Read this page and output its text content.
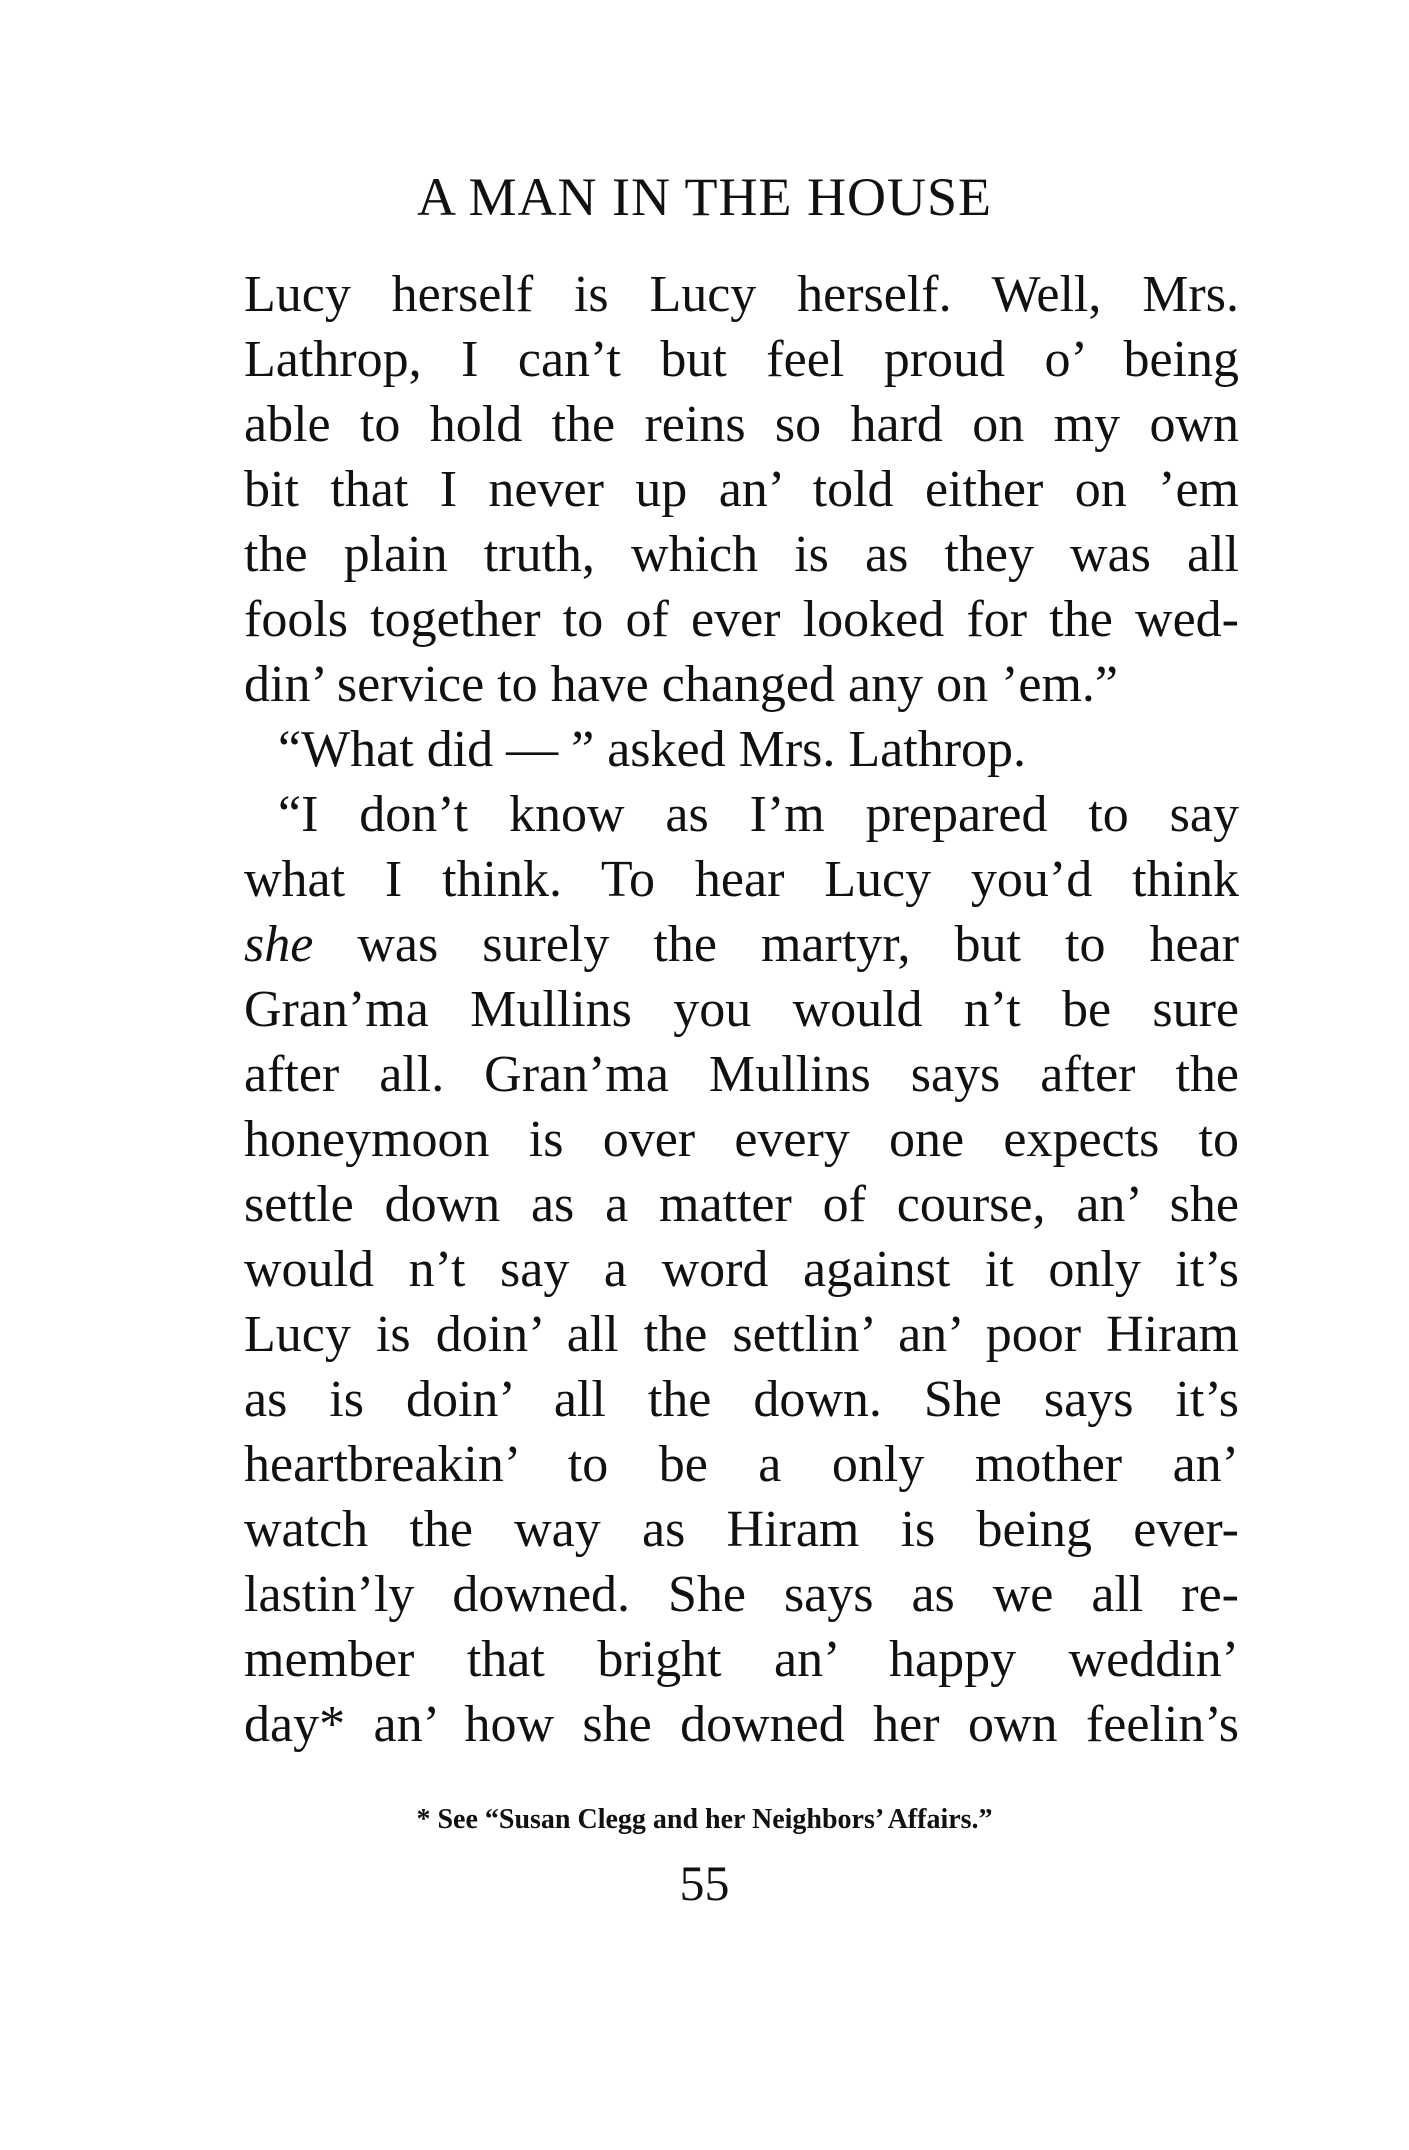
A MAN IN THE HOUSE
Lucy herself is Lucy herself. Well, Mrs.
Lathrop, I can’t but feel proud o’ being
able to hold the reins so hard on my own
bit that I never up an’ told either on ’em
the plain truth, which is as they was all
fools together to of ever looked for the wed-
din’ service to have changed any on ’em.”
“What did — ” asked Mrs. Lathrop.
“I don’t know as I’m prepared to say
what I think. To hear Lucy you’d think
she was surely the martyr, but to hear
Gran’ma Mullins you would n’t be sure
after all. Gran’ma Mullins says after the
honeymoon is over every one expects to
settle down as a matter of course, an’ she
would n’t say a word against it only it’s
Lucy is doin’ all the settlin’ an’ poor Hiram
as is doin’ all the down. She says it’s
heartbreakin’ to be a only mother an’
watch the way as Hiram is being ever-
lastin’ly downed. She says as we all re-
member that bright an’ happy weddin’
day* an’ how she downed her own feelin’s
* See “Susan Clegg and her Neighbors’ Affairs.”
55
